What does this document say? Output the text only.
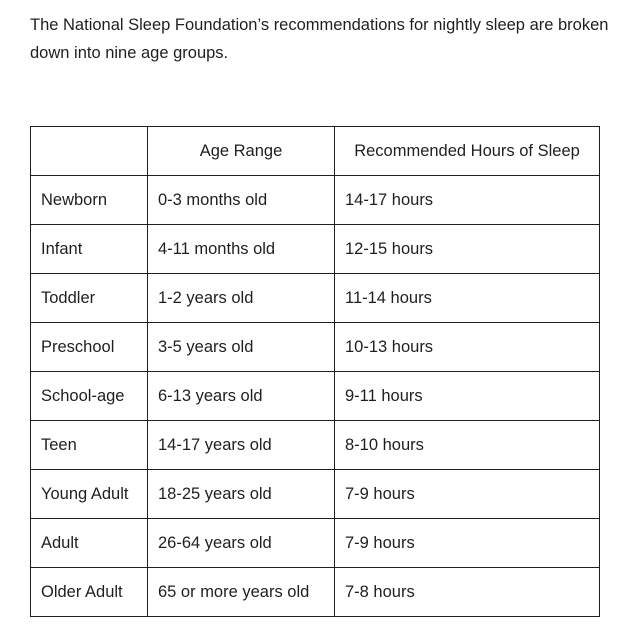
The National Sleep Foundation’s recommendations for nightly sleep are broken down into nine age groups.

	Age Range	Recommended Hours of Sleep
Newborn	0-3 months old	14-17 hours
Infant	4-11 months old	12-15 hours
Toddler	1-2 years old	11-14 hours
Preschool	3-5 years old	10-13 hours
School-age	6-13 years old	9-11 hours
Teen	14-17 years old	8-10 hours
Young Adult	18-25 years old	7-9 hours
Adult	26-64 years old	7-9 hours
Older Adult	65 or more years old	7-8 hours
